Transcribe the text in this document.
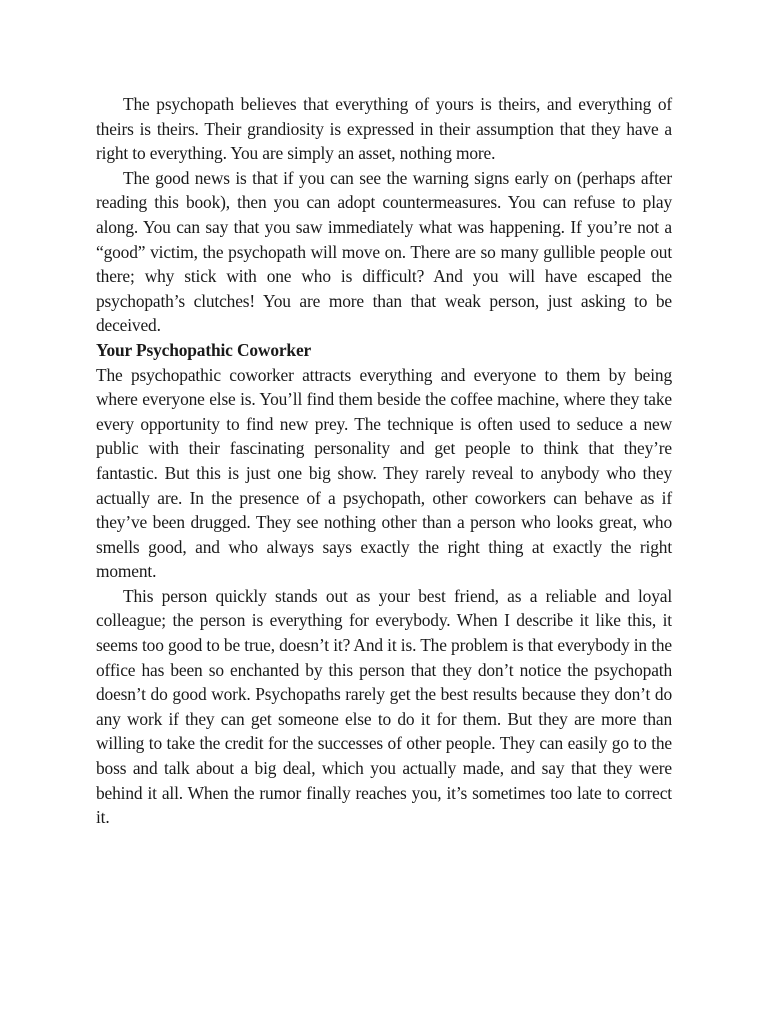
The psychopath believes that everything of yours is theirs, and everything of theirs is theirs. Their grandiosity is expressed in their assumption that they have a right to everything. You are simply an asset, nothing more.

The good news is that if you can see the warning signs early on (perhaps after reading this book), then you can adopt countermeasures. You can refuse to play along. You can say that you saw immediately what was happening. If you’re not a “good” victim, the psychopath will move on. There are so many gullible people out there; why stick with one who is difficult? And you will have escaped the psychopath’s clutches! You are more than that weak person, just asking to be deceived.

Your Psychopathic Coworker

The psychopathic coworker attracts everything and everyone to them by being where everyone else is. You’ll find them beside the coffee machine, where they take every opportunity to find new prey. The technique is often used to seduce a new public with their fascinating personality and get people to think that they’re fantastic. But this is just one big show. They rarely reveal to anybody who they actually are. In the presence of a psychopath, other coworkers can behave as if they’ve been drugged. They see nothing other than a person who looks great, who smells good, and who always says exactly the right thing at exactly the right moment.

This person quickly stands out as your best friend, as a reliable and loyal colleague; the person is everything for everybody. When I describe it like this, it seems too good to be true, doesn’t it? And it is. The problem is that everybody in the office has been so enchanted by this person that they don’t notice the psychopath doesn’t do good work. Psychopaths rarely get the best results because they don’t do any work if they can get someone else to do it for them. But they are more than willing to take the credit for the successes of other people. They can easily go to the boss and talk about a big deal, which you actually made, and say that they were behind it all. When the rumor finally reaches you, it’s sometimes too late to correct it.
